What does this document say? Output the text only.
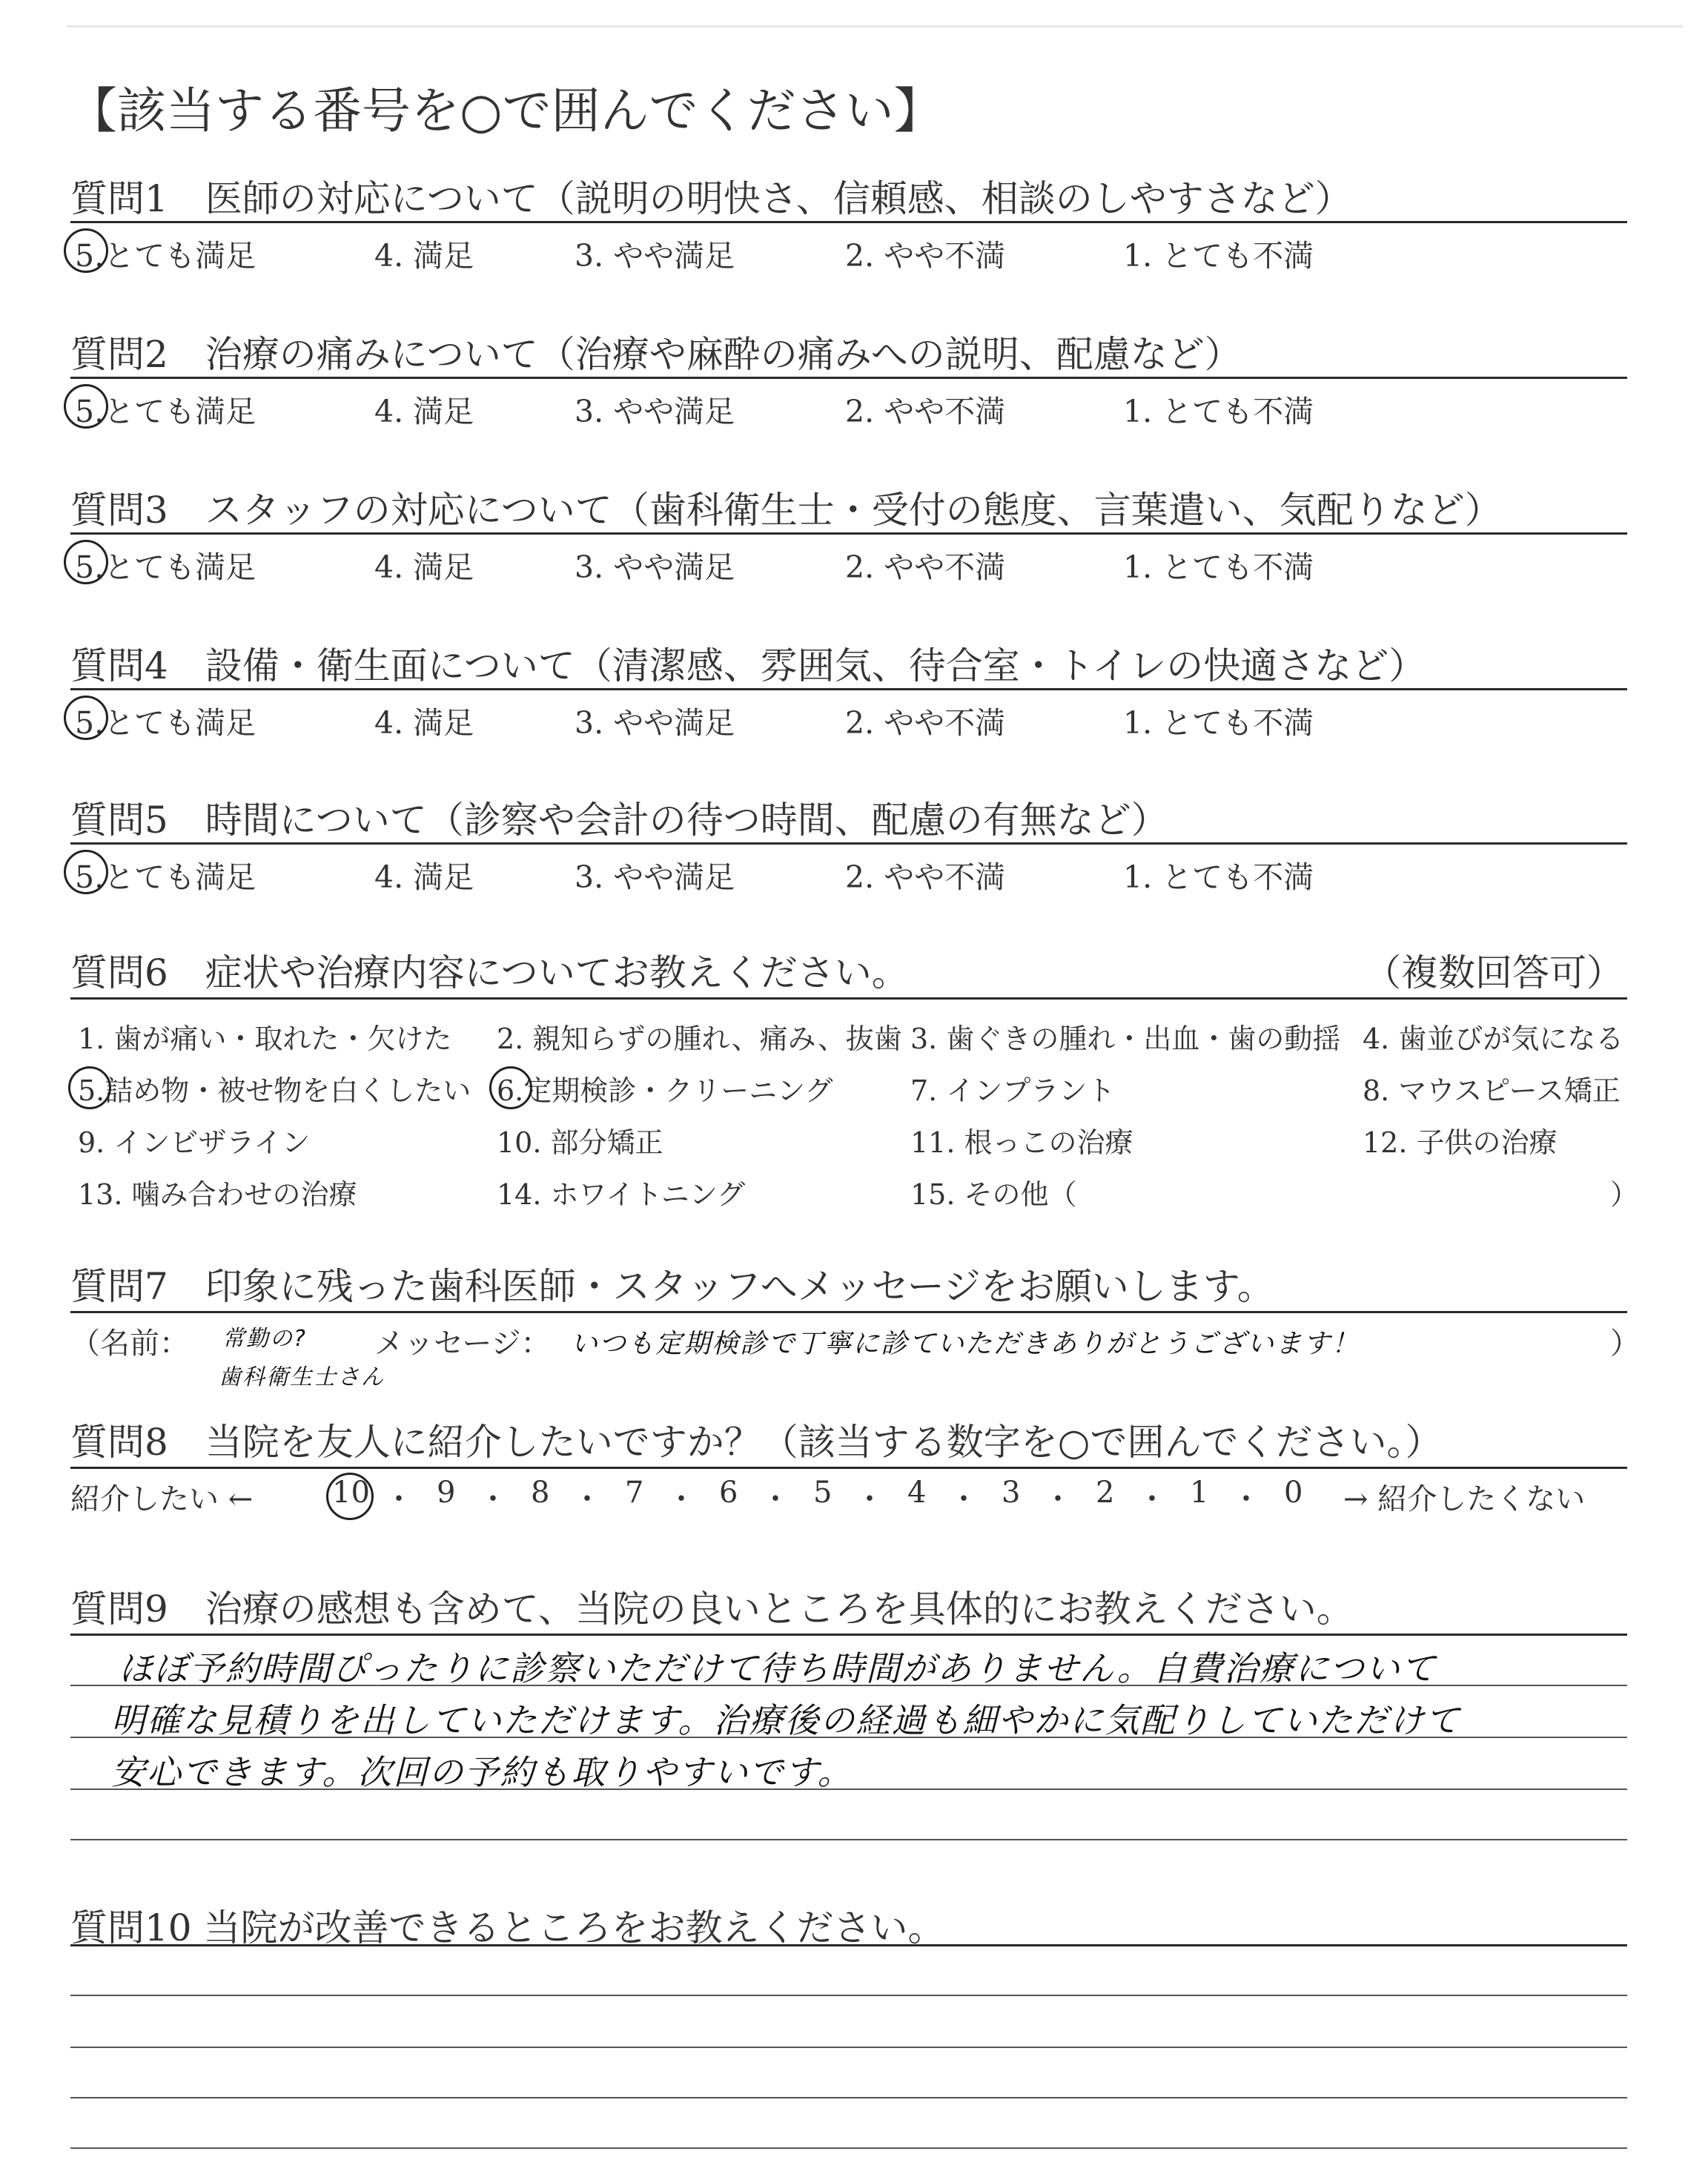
【該当する番号を○で囲んでください】
質問1　医師の対応について（説明の明快さ、信頼感、相談のしやすさなど）
5.とても満足	4. 満足	3. やや満足	2. やや不満	1. とても不満
質問2　治療の痛みについて（治療や麻酔の痛みへの説明、配慮など）
5.とても満足	4. 満足	3. やや満足	2. やや不満	1. とても不満
質問3　スタッフの対応について（歯科衛生士・受付の態度、言葉遣い、気配りなど）
5.とても満足	4. 満足	3. やや満足	2. やや不満	1. とても不満
質問4　設備・衛生面について（清潔感、雰囲気、待合室・トイレの快適さなど）
5.とても満足	4. 満足	3. やや満足	2. やや不満	1. とても不満
質問5　時間について（診察や会計の待つ時間、配慮の有無など）
5.とても満足	4. 満足	3. やや満足	2. やや不満	1. とても不満
質問6　症状や治療内容についてお教えください。	（複数回答可）
1. 歯が痛い・取れた・欠けた 2. 親知らずの腫れ、痛み、抜歯 3. 歯ぐきの腫れ・出血・歯の動揺 4. 歯並びが気になる
5.詰め物・被せ物を白くしたい 6.定期検診・クリーニング	7. インプラント	8. マウスピース矯正
9. インビザライン	10. 部分矯正	11. 根っこの治療	12. 子供の治療
13. 噛み合わせの治療	14. ホワイトニング	15. その他（	）
質問7　印象に残った歯科医師・スタッフへメッセージをお願いします。
（名前： 常勤の?
歯科衛生士さん
メッセージ： いつも定期検診で丁寧に診ていただきありがとうございます！	）
質問8　当院を友人に紹介したいですか？（該当する数字を○で囲んでください。）
紹介したい ←	10 ・ 9 ・ 8 ・ 7 ・ 6 ・ 5 ・ 4 ・ 3 ・ 2 ・ 1 ・ 0 → 紹介したくない
質問9　治療の感想も含めて、当院の良いところを具体的にお教えください。
ほぼ予約時間ぴったりに診察いただけて待ち時間がありません。自費治療について
明確な見積りを出していただけます。治療後の経過も細やかに気配りしていただけて
安心できます。次回の予約も取りやすいです。
質問10 当院が改善できるところをお教えください。
